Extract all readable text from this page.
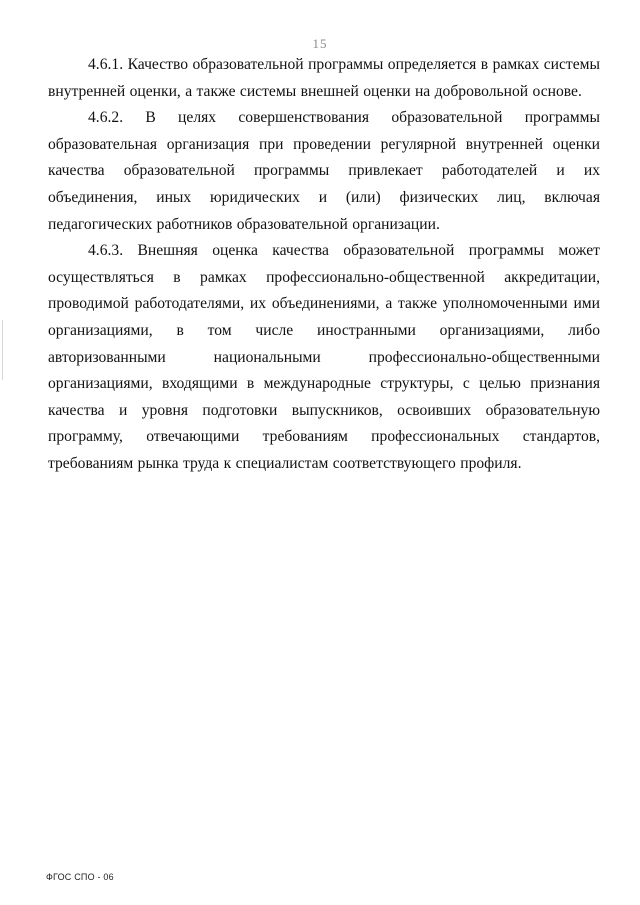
15

4.6.1. Качество образовательной программы определяется в рамках системы внутренней оценки, а также системы внешней оценки на добровольной основе.

4.6.2. В целях совершенствования образовательной программы образовательная организация при проведении регулярной внутренней оценки качества образовательной программы привлекает работодателей и их объединения, иных юридических и (или) физических лиц, включая педагогических работников образовательной организации.

4.6.3. Внешняя оценка качества образовательной программы может осуществляться в рамках профессионально-общественной аккредитации, проводимой работодателями, их объединениями, а также уполномоченными ими организациями, в том числе иностранными организациями, либо авторизованными национальными профессионально-общественными организациями, входящими в международные структуры, с целью признания качества и уровня подготовки выпускников, освоивших образовательную программу, отвечающими требованиям профессиональных стандартов, требованиям рынка труда к специалистам соответствующего профиля.

ФГОС СПО - 06
